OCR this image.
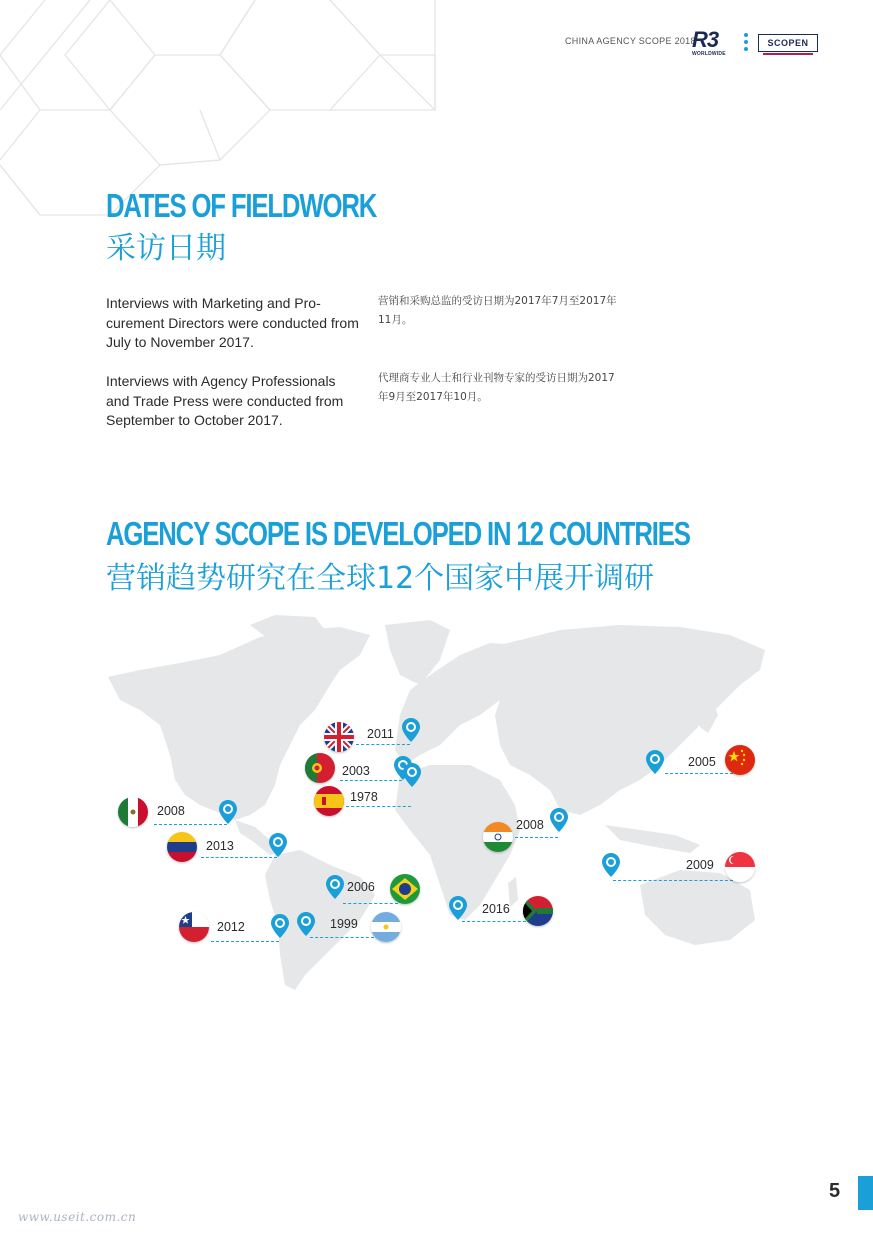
CHINA AGENCY SCOPE 2018
R3
WORLDWIDE
SCOPEN
DATES OF FIELDWORK
采访日期
Interviews with Marketing and Pro- curement Directors were conducted from July to November 2017.
营销和采购总监的受访日期为2017年7月至2017年11月。
Interviews with Agency Professionals and Trade Press were conducted from September to October 2017.
代理商专业人士和行业刊物专家的受访日期为2017年9月至2017年10月。
AGENCY SCOPE IS DEVELOPED IN 12 COUNTRIES
营销趋势研究在全球12个国家中展开调研
2011
2003
1978
2008
2013
2006
2012	1999
2016
2008
2005
2009
5
www.useit.com.cn
